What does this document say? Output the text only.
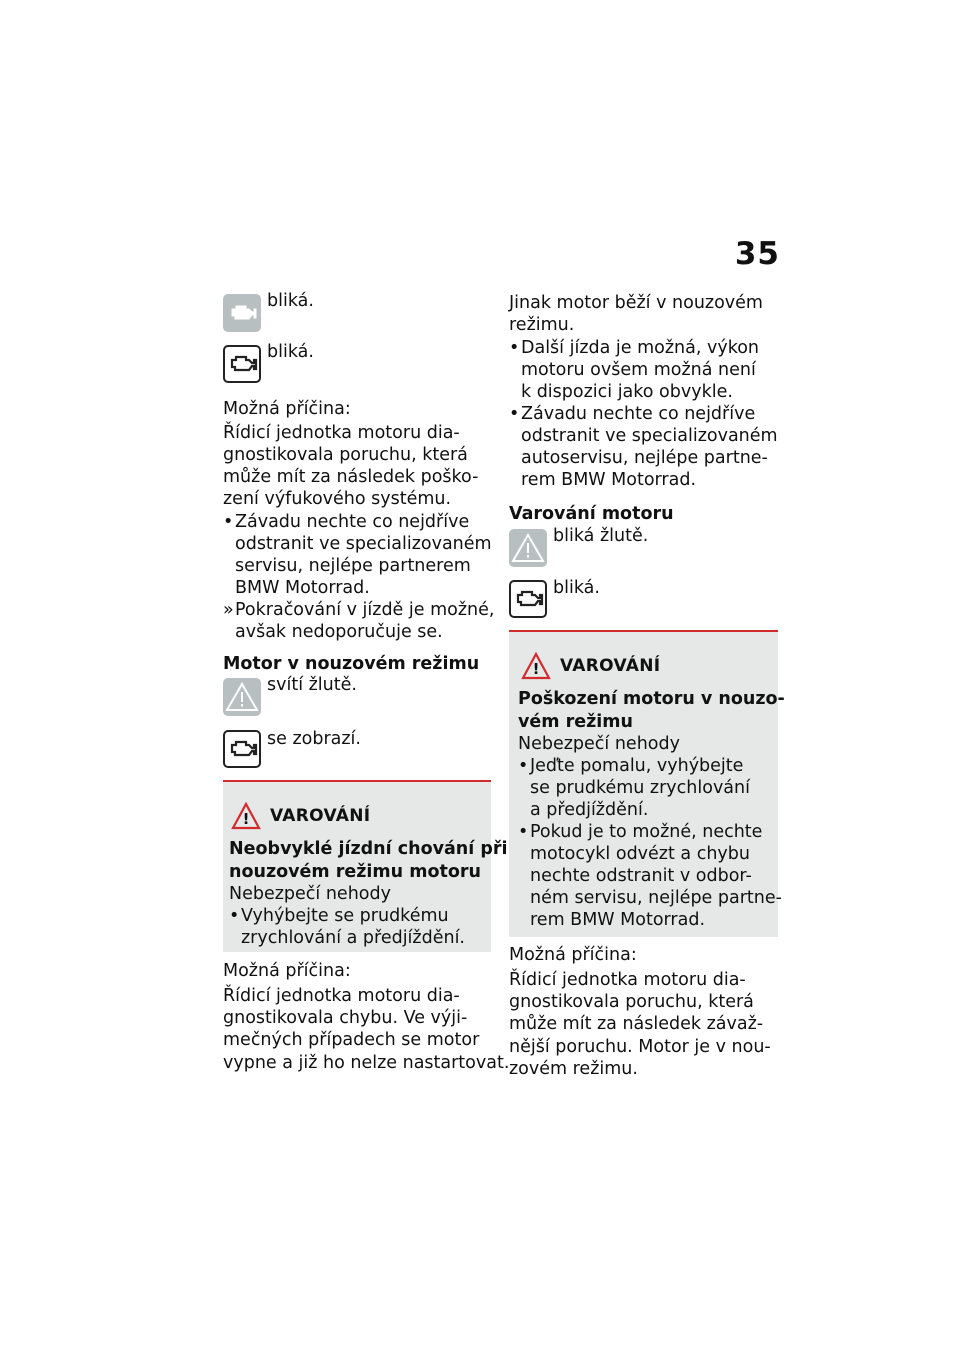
35
bliká.
bliká.
Možná příčina:
Řídicí jednotka motoru dia-
gnostikovala poruchu, která
může mít za následek poško-
zení výfukového systému.
• Závadu nechte co nejdříve
odstranit ve specializovaném
servisu, nejlépe partnerem
BMW Motorrad.
» Pokračování v jízdě je možné,
avšak nedoporučuje se.
Motor v nouzovém režimu
svítí žlutě.
se zobrazí.
! VAROVÁNÍ
Neobvyklé jízdní chování při
nouzovém režimu motoru
Nebezpečí nehody
• Vyhýbejte se prudkému
zrychlování a předjíždění.
Možná příčina:
Řídicí jednotka motoru dia-
gnostikovala chybu. Ve výji-
mečných případech se motor
vypne a již ho nelze nastartovat.
Jinak motor běží v nouzovém
režimu.
• Další jízda je možná, výkon
motoru ovšem možná není
k dispozici jako obvykle.
• Závadu nechte co nejdříve
odstranit ve specializovaném
autoservisu, nejlépe partne-
rem BMW Motorrad.
Varování motoru
bliká žlutě.
bliká.
! VAROVÁNÍ
Poškození motoru v nouzo-
vém režimu
Nebezpečí nehody
• Jeďte pomalu, vyhýbejte
se prudkému zrychlování
a předjíždění.
• Pokud je to možné, nechte
motocykl odvézt a chybu
nechte odstranit v odbor-
ném servisu, nejlépe partne-
rem BMW Motorrad.
Možná příčina:
Řídicí jednotka motoru dia-
gnostikovala poruchu, která
může mít za následek závaž-
nější poruchu. Motor je v nou-
zovém režimu.
